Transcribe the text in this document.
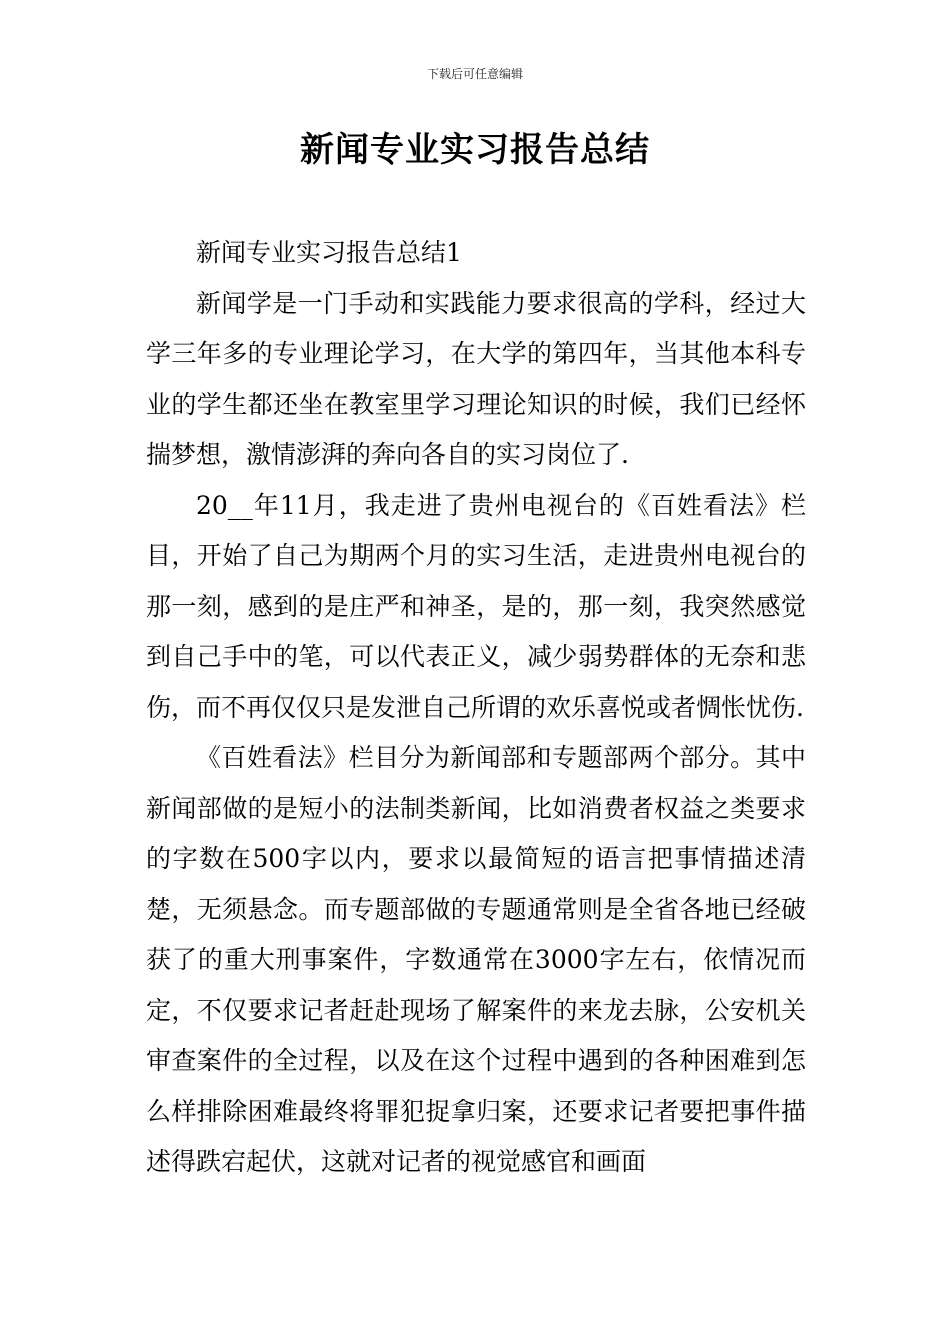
下载后可任意编辑
新闻专业实习报告总结

新闻专业实习报告总结1

新闻学是一门手动和实践能力要求很高的学科，经过大学三年多的专业理论学习，在大学的第四年，当其他本科专业的学生都还坐在教室里学习理论知识的时候，我们已经怀揣梦想，激情澎湃的奔向各自的实习岗位了.

20__年11月，我走进了贵州电视台的《百姓看法》栏目，开始了自己为期两个月的实习生活，走进贵州电视台的那一刻，感到的是庄严和神圣，是的，那一刻，我突然感觉到自己手中的笔，可以代表正义，减少弱势群体的无奈和悲伤，而不再仅仅只是发泄自己所谓的欢乐喜悦或者惆怅忧伤.

《百姓看法》栏目分为新闻部和专题部两个部分。其中新闻部做的是短小的法制类新闻，比如消费者权益之类要求的字数在500字以内，要求以最简短的语言把事情描述清楚，无须悬念。而专题部做的专题通常则是全省各地已经破获了的重大刑事案件，字数通常在3000字左右，依情况而定，不仅要求记者赶赴现场了解案件的来龙去脉，公安机关审查案件的全过程，以及在这个过程中遇到的各种困难到怎么样排除困难最终将罪犯捉拿归案，还要求记者要把事件描述得跌宕起伏，这就对记者的视觉感官和画面
